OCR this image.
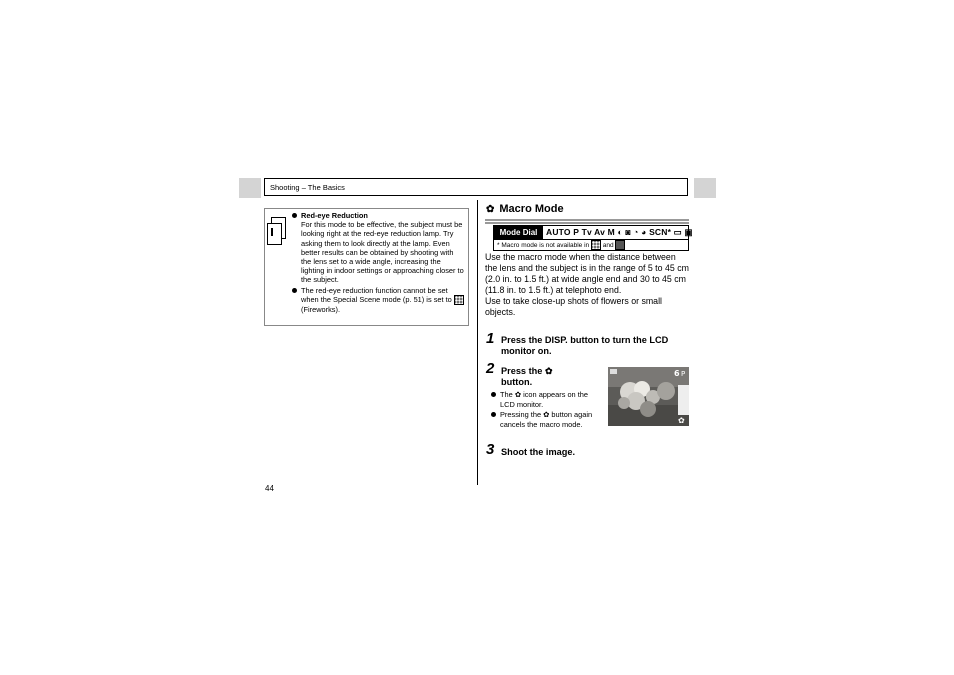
Shooting – The Basics
Red-eye Reduction
For this mode to be effective, the subject must be looking right at the red-eye reduction lamp. Try asking them to look directly at the lamp. Even better results can be obtained by shooting with the lens set to a wide angle, increasing the lighting in indoor settings or approaching closer to the subject.
The red-eye reduction function cannot be set when the Special Scene mode (p. 51) is set to (Fireworks).
✿ Macro Mode
Mode Dial	AUTO P Tv Av M ◐ ◙ ◔ ◕ SCN* ▭ ▣
* Macro mode is not available in and
Use the macro mode when the distance between the lens and the subject is in the range of 5 to 45 cm (2.0 in. to 1.5 ft.) at wide angle end and 30 to 45 cm (11.8 in. to 1.5 ft.) at telephoto end.
Use to take close-up shots of flowers or small objects.
1 Press the DISP. button to turn the LCD monitor on.
2 Press the ✿
button.
The ✿ icon appears on the LCD monitor.
Pressing the ✿ button again cancels the macro mode.
6 P
✿
3 Shoot the image.
44
